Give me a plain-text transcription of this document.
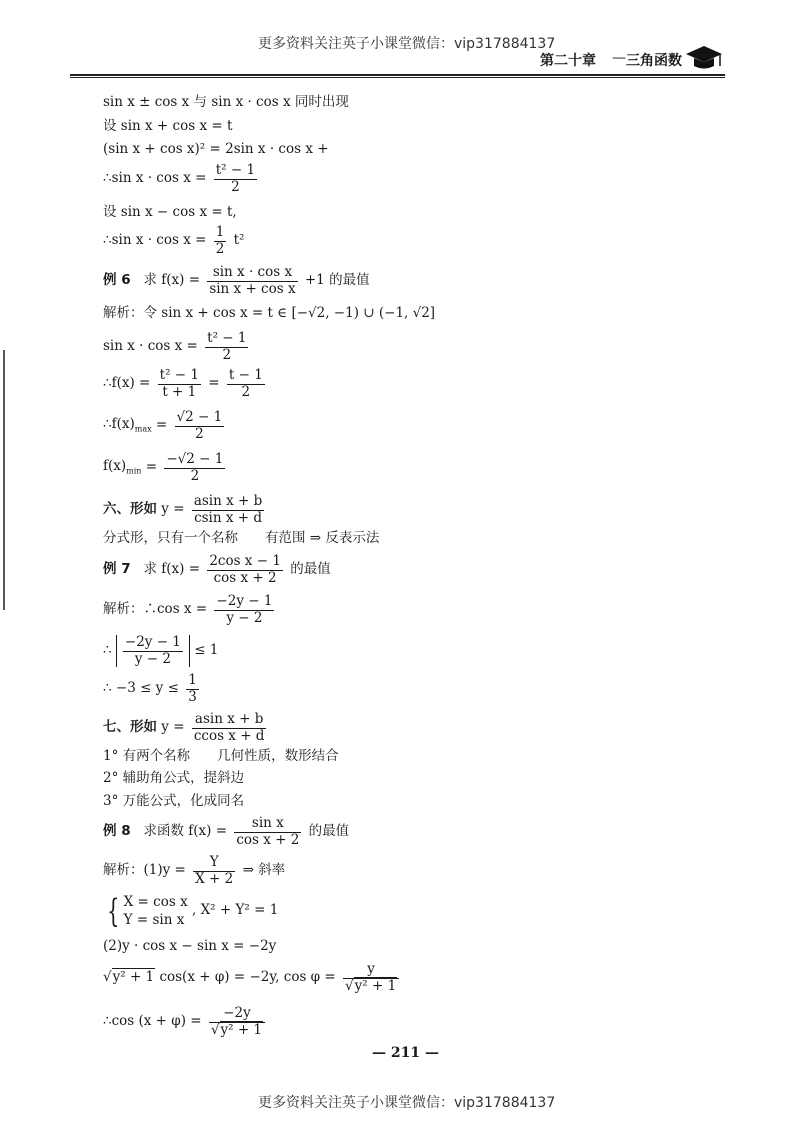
更多资料关注英子小课堂微信：vip317884137
更多资料关注英子小课堂微信：vip317884137
第二十章 — 三角函数
sin x ± cos x 与 sin x · cos x 同时出现
设 sin x + cos x = t
(sin x + cos x)² = 2sin x · cos x +
∴sin $x \cdot \cos x = \frac{\text{t² − 1}}{2}$
设 sin x − cos x = t,
∴sin $x \cdot \cos x = \frac{1}{2} t^2$
例 6 求 $f(x) = \frac{\text{sin x · cos x}}{\text{sin x + cos x}} +1$ 的最值
解析：令 sin x + cos x = t ∈ [−√2, −1) ∪ (−1, √2]
$\sin x \cdot \cos x = \frac{\text{t² − 1}}{2}$
∴f(x) = $\frac{\text{t² − 1}}{t + 1} = \frac{t - 1}{2}$
$\therefore f(x)_{max} = \frac{√2 - 1}{2}$
$f(x)_{min} = \frac{-√2 - 1}{2}$
六、形如 $y = \frac{\text{asin x + b}}{\text{csin x + d}}$
分式形，只有一个名称　　有范围 ⇒ 反表示法
例 7 求 $f(x) = \frac{\text{2cos x − 1}}{\text{cos x + 2}}$ 的最值
解析：∴cos $x = \frac{-2y - 1}{y - 2}$
∴ $\frac{-2y - 1}{y - 2} \le 1$
∴ $-3 \le y \le \frac{1}{3}$
七、形如 $y = \frac{\text{asin x + b}}{\text{ccos x + d}}$
1° 有两个名称　　几何性质，数形结合
2° 辅助角公式，提斜边
3° 万能公式，化成同名
例 8 求函数 $f(x) = \frac{\text{sin x}}{\text{cos x + 2}}$ 的最值
解析：$(1)y = \frac{Y}{X + 2}$ ⇒ 斜率
{ X = cos x
Y = sin x
, X² + Y² = 1
(2)y · cos x − sin x = −2y
√y² + 1 cos(x + φ) = −2y, $\cos \varphi = \frac{y}{\text{√y² + 1}}$
∴cos $(x + \varphi) = \frac{-2y}{\text{√y² + 1}}$
— 211 —
